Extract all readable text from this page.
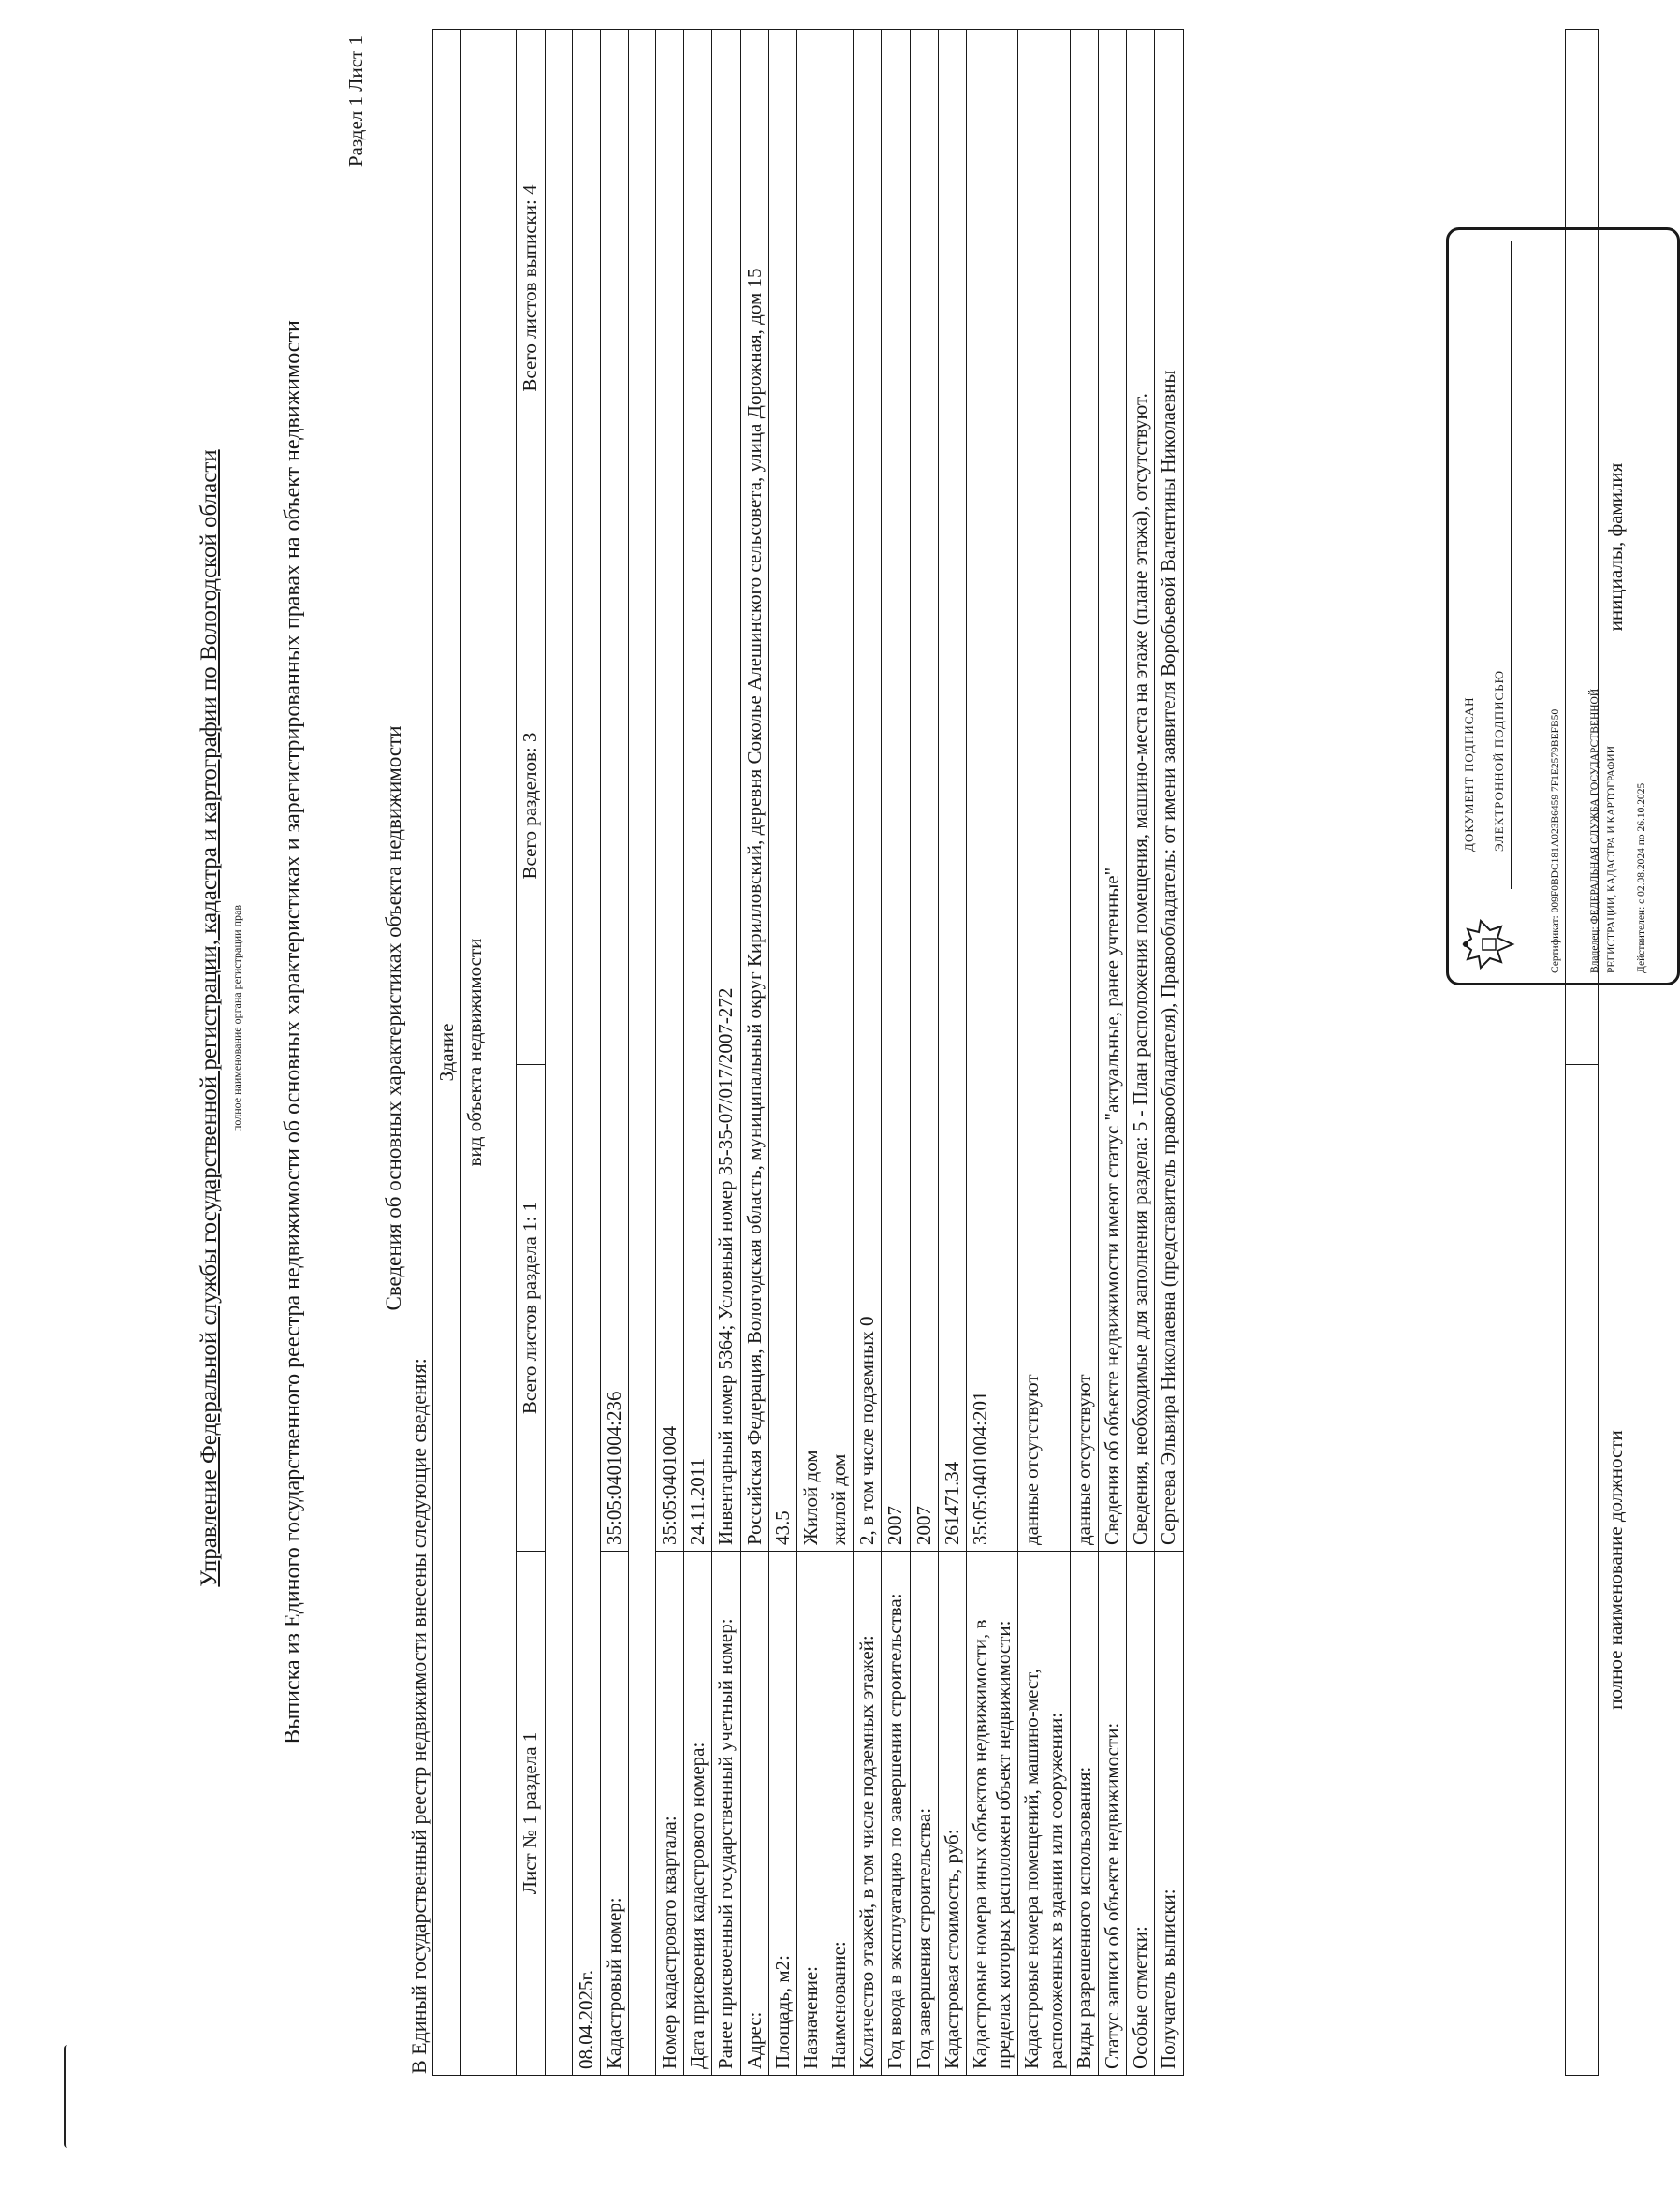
Управление Федеральной службы государственной регистрации, кадастра и картографии по Вологодской области полное наименование органа регистрации прав Выписка из Единого государственного реестра недвижимости об основных характеристиках и зарегистрированных правах на объект недвижимости
Раздел 1 Лист 1
Сведения об основных характеристиках объекта недвижимости
В Единый государственный реестр недвижимости внесены следующие сведения:
Здание			
вид объекта недвижимости			

Лист № 1 раздела 1	Всего листов раздела 1: 1	Всего разделов: 3	Всего листов выписки: 4

08.04.2025г.			
Кадастровый номер:	35:05:0401004:236		

Номер кадастрового квартала:	35:05:0401004		
Дата присвоения кадастрового номера:	24.11.2011		
Ранее присвоенный государственный учетный номер:	Инвентарный номер 5364; Условный номер 35-35-07/017/2007-272		
Адрес:	Российская Федерация, Вологодская область, муниципальный округ Кирилловский, деревня Соколье Алешинского сельсовета, улица Дорожная, дом 15		
Площадь, м2:	43.5		
Назначение:	Жилой дом		
Наименование:	жилой дом		
Количество этажей, в том числе подземных этажей:	2, в том числе подземных 0		
Год ввода в эксплуатацию по завершении строительства:	2007		
Год завершения строительства:	2007		
Кадастровая стоимость, руб:	261471.34		
Кадастровые номера иных объектов недвижимости, в пределах которых расположен объект недвижимости:	35:05:0401004:201		
Кадастровые номера помещений, машино-мест, расположенных в здании или сооружении:	данные отсутствуют		
Виды разрешенного использования:	данные отсутствуют		
Статус записи об объекте недвижимости:	Сведения об объекте недвижимости имеют статус "актуальные, ранее учтенные"		
Особые отметки:	Сведения, необходимые для заполнения раздела: 5 - План расположения помещения, машино-места на этаже (плане этажа), отсутствуют.		
Получатель выписки:	Сергеева Эльвира Николаевна (представитель правообладателя), Правообладатель: от имени заявителя Воробьевой Валентины Николаевны			ДОКУМЕНТ ПОДПИСАН ЭЛЕКТРОННОЙ ПОДПИСЬЮ	Сертификат: 009F0BDC181A023B6459 7F1E2579BEFB50	Владелец: ФЕДЕРАЛЬНАЯ СЛУЖБА ГОСУДАРСТВЕННОЙ РЕГИСТРАЦИИ, КАДАСТРА И КАРТОГРАФИИ Действителен: с 02.08.2024 по 26.10.2025

полное наименование должности	инициалы, фамилия
